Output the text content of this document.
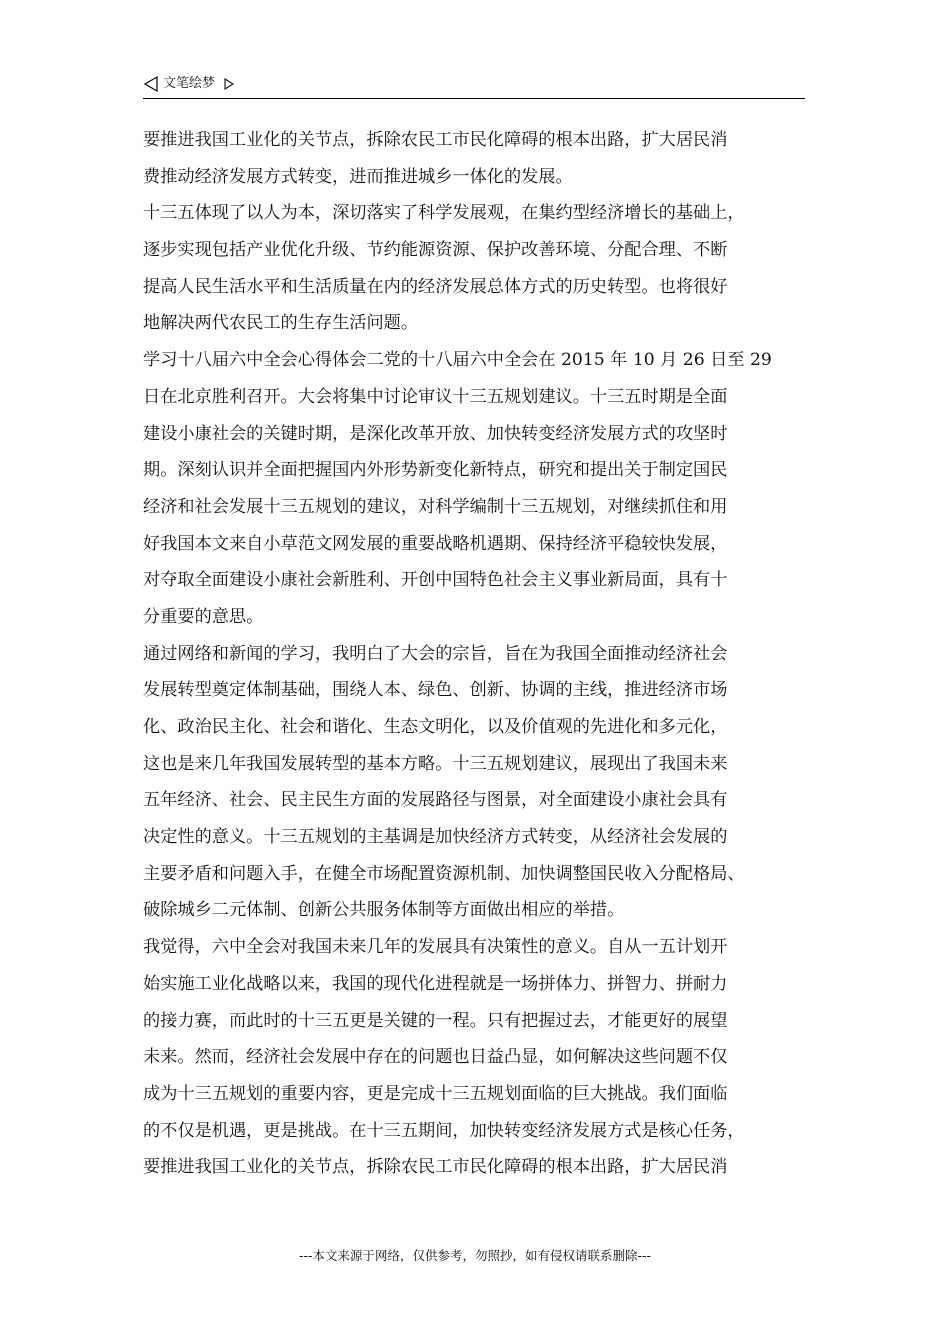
文笔绘梦
要推进我国工业化的关节点，拆除农民工市民化障碍的根本出路，扩大居民消
费推动经济发展方式转变，进而推进城乡一体化的发展。
十三五体现了以人为本，深切落实了科学发展观，在集约型经济增长的基础上，
逐步实现包括产业优化升级、节约能源资源、保护改善环境、分配合理、不断
提高人民生活水平和生活质量在内的经济发展总体方式的历史转型。也将很好
地解决两代农民工的生存生活问题。
学习十八届六中全会心得体会二党的十八届六中全会在 2015 年 10 月 26 日至 29
日在北京胜利召开。大会将集中讨论审议十三五规划建议。十三五时期是全面
建设小康社会的关键时期，是深化改革开放、加快转变经济发展方式的攻坚时
期。深刻认识并全面把握国内外形势新变化新特点，研究和提出关于制定国民
经济和社会发展十三五规划的建议，对科学编制十三五规划，对继续抓住和用
好我国本文来自小草范文网发展的重要战略机遇期、保持经济平稳较快发展，
对夺取全面建设小康社会新胜利、开创中国特色社会主义事业新局面，具有十
分重要的意思。
通过网络和新闻的学习，我明白了大会的宗旨，旨在为我国全面推动经济社会
发展转型奠定体制基础，围绕人本、绿色、创新、协调的主线，推进经济市场
化、政治民主化、社会和谐化、生态文明化，以及价值观的先进化和多元化，
这也是来几年我国发展转型的基本方略。十三五规划建议，展现出了我国未来
五年经济、社会、民主民生方面的发展路径与图景，对全面建设小康社会具有
决定性的意义。十三五规划的主基调是加快经济方式转变，从经济社会发展的
主要矛盾和问题入手，在健全市场配置资源机制、加快调整国民收入分配格局、
破除城乡二元体制、创新公共服务体制等方面做出相应的举措。
我觉得，六中全会对我国未来几年的发展具有决策性的意义。自从一五计划开
始实施工业化战略以来，我国的现代化进程就是一场拼体力、拼智力、拼耐力
的接力赛，而此时的十三五更是关键的一程。只有把握过去，才能更好的展望
未来。然而，经济社会发展中存在的问题也日益凸显，如何解决这些问题不仅
成为十三五规划的重要内容，更是完成十三五规划面临的巨大挑战。我们面临
的不仅是机遇，更是挑战。在十三五期间，加快转变经济发展方式是核心任务，
要推进我国工业化的关节点，拆除农民工市民化障碍的根本出路，扩大居民消
---本文来源于网络，仅供参考，勿照抄，如有侵权请联系删除---
